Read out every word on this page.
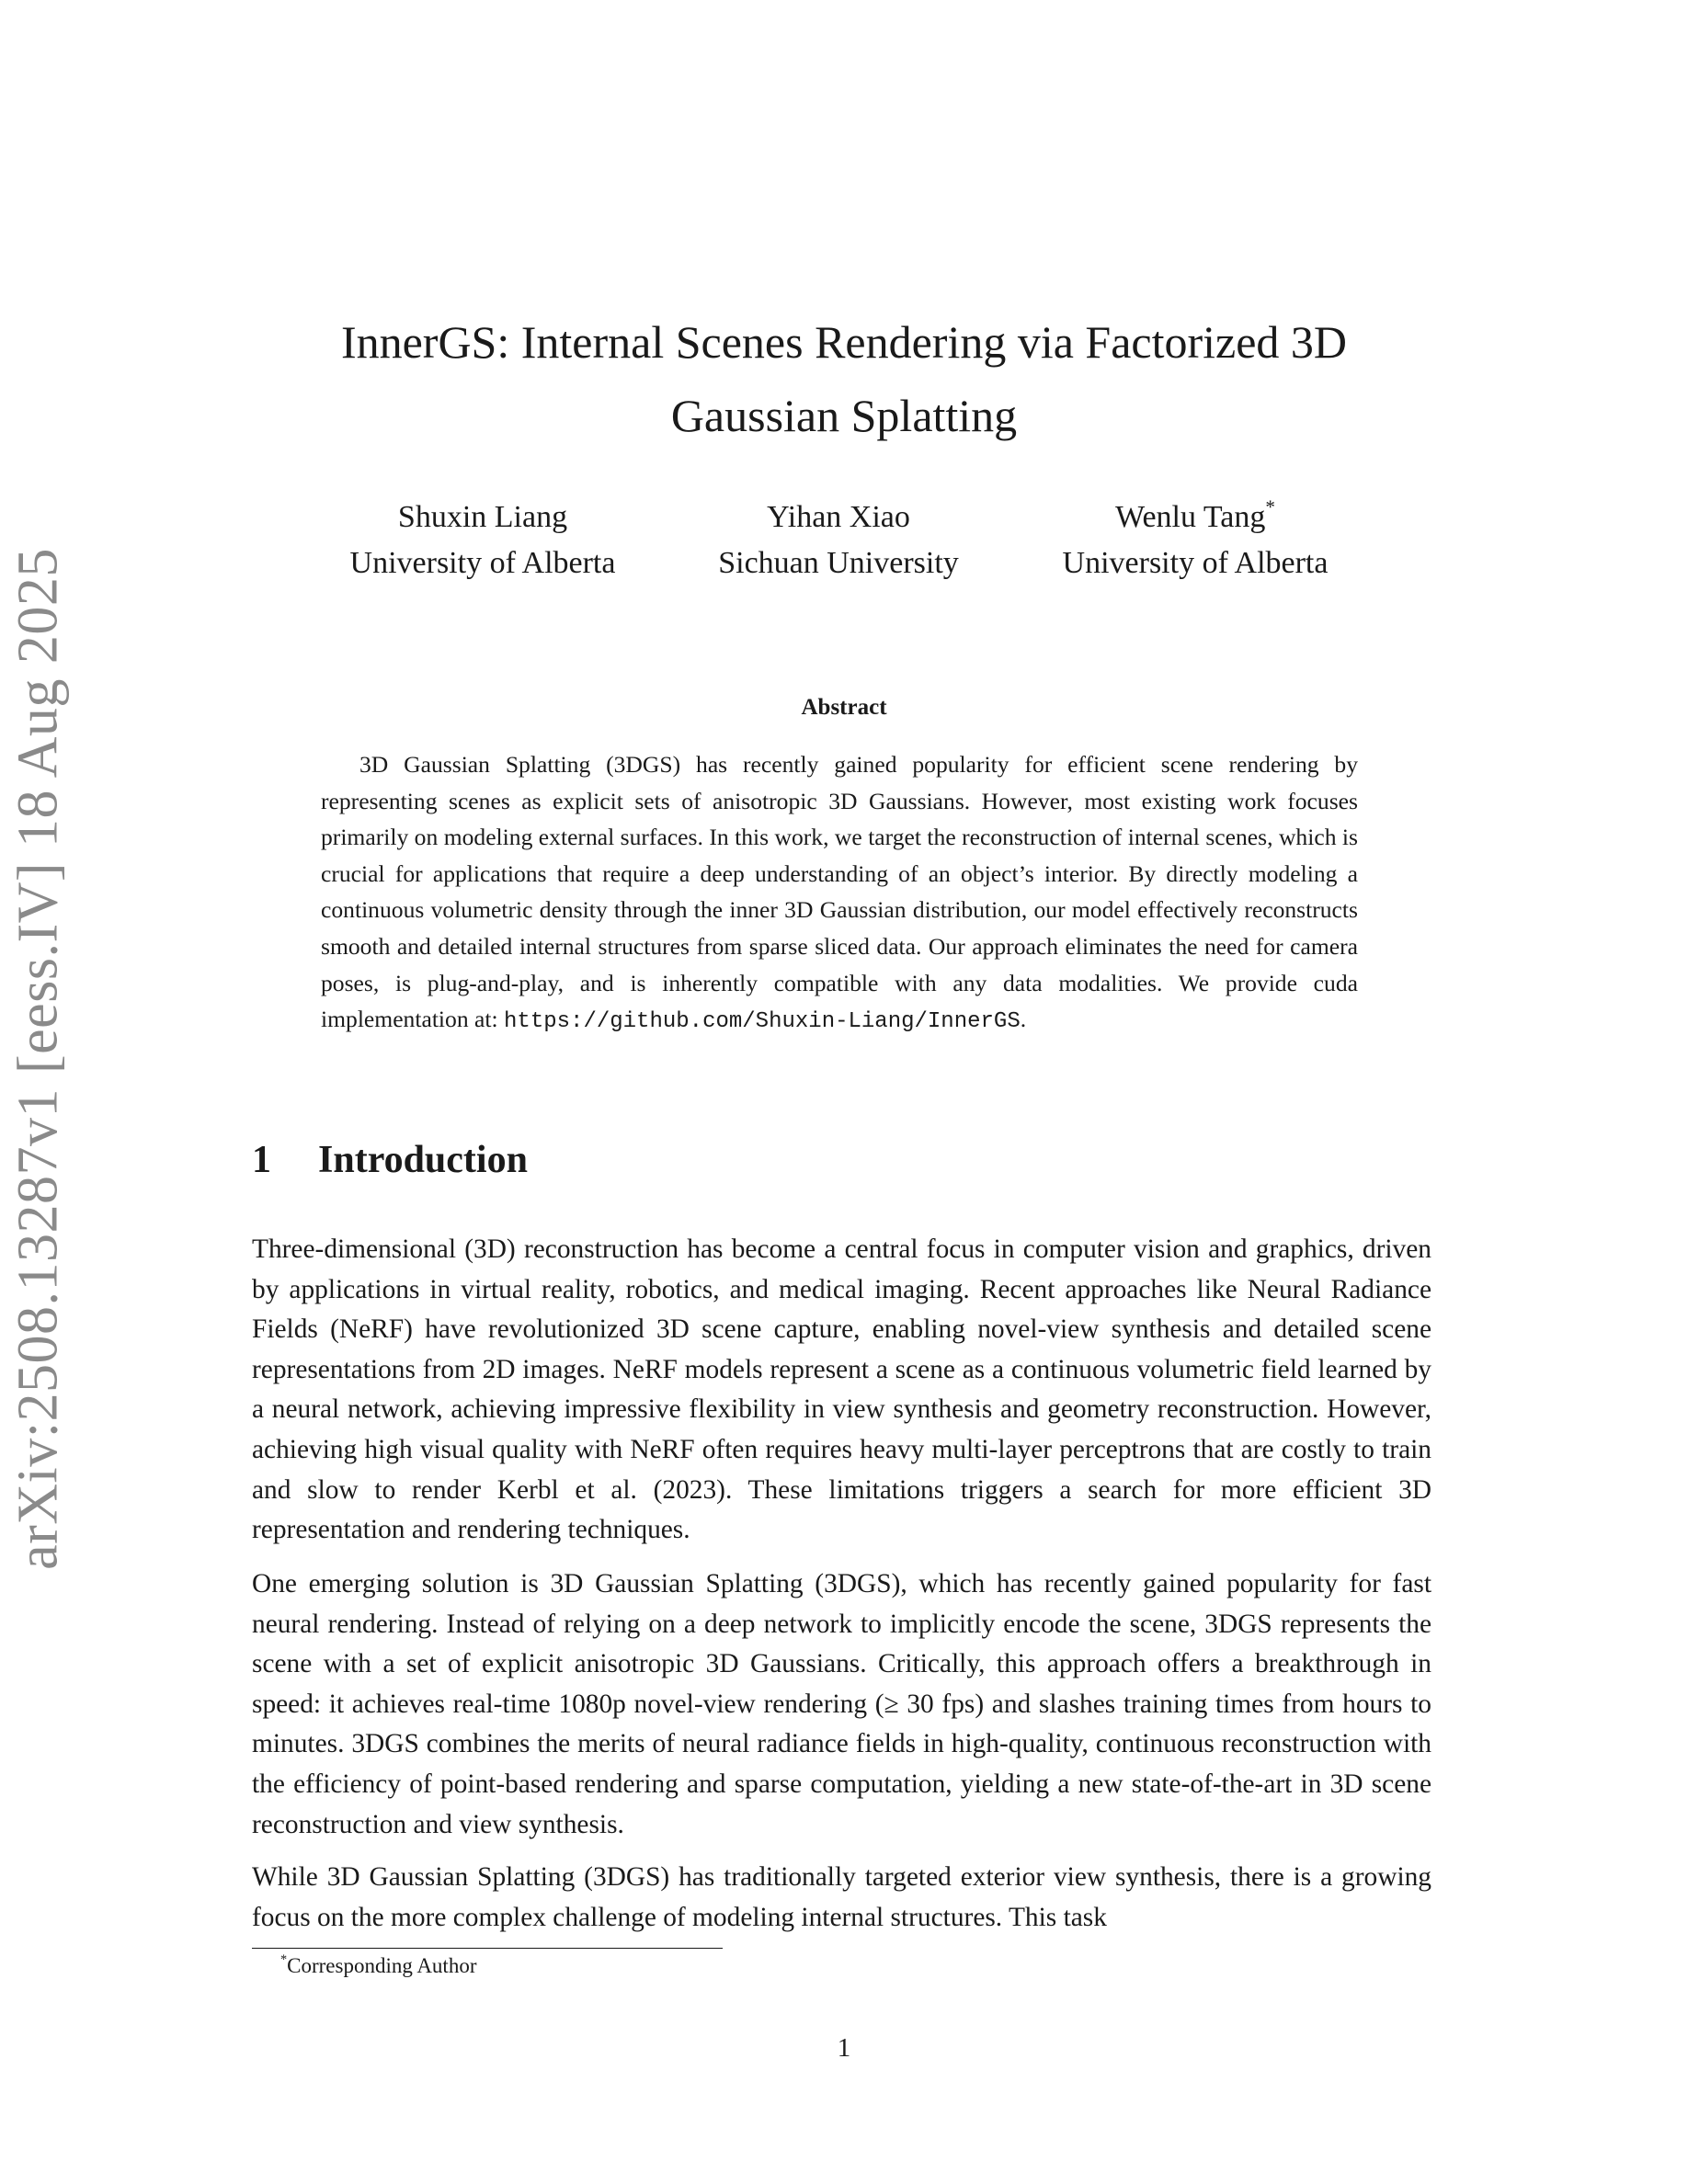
arXiv:2508.13287v1 [eess.IV] 18 Aug 2025
InnerGS: Internal Scenes Rendering via Factorized 3D Gaussian Splatting
Shuxin Liang
University of Alberta
Yihan Xiao
Sichuan University
Wenlu Tang*
University of Alberta
Abstract

3D Gaussian Splatting (3DGS) has recently gained popularity for efficient scene rendering by representing scenes as explicit sets of anisotropic 3D Gaussians. However, most existing work focuses primarily on modeling external surfaces. In this work, we target the reconstruction of internal scenes, which is crucial for applications that require a deep understanding of an object’s interior. By directly modeling a continuous volumetric density through the inner 3D Gaussian distribution, our model effectively reconstructs smooth and detailed internal structures from sparse sliced data. Our approach eliminates the need for camera poses, is plug-and-play, and is inherently compatible with any data modalities. We provide cuda implementation at: https://github.com/Shuxin-Liang/InnerGS.

1 Introduction

Three-dimensional (3D) reconstruction has become a central focus in computer vision and graphics, driven by applications in virtual reality, robotics, and medical imaging. Recent approaches like Neural Radiance Fields (NeRF) have revolutionized 3D scene capture, enabling novel-view synthesis and detailed scene representations from 2D images. NeRF models represent a scene as a continuous volumetric field learned by a neural network, achieving impressive flexibility in view synthesis and geometry reconstruction. However, achieving high visual quality with NeRF often requires heavy multi-layer perceptrons that are costly to train and slow to render Kerbl et al. (2023). These limitations triggers a search for more efficient 3D representation and rendering techniques.

One emerging solution is 3D Gaussian Splatting (3DGS), which has recently gained popularity for fast neural rendering. Instead of relying on a deep network to implicitly encode the scene, 3DGS represents the scene with a set of explicit anisotropic 3D Gaussians. Critically, this approach offers a breakthrough in speed: it achieves real-time 1080p novel-view rendering (≥ 30 fps) and slashes training times from hours to minutes. 3DGS combines the merits of neural radiance fields in high-quality, continuous reconstruction with the efficiency of point-based rendering and sparse computation, yielding a new state-of-the-art in 3D scene reconstruction and view synthesis.

While 3D Gaussian Splatting (3DGS) has traditionally targeted exterior view synthesis, there is a growing focus on the more complex challenge of modeling internal structures. This task

*Corresponding Author
1
